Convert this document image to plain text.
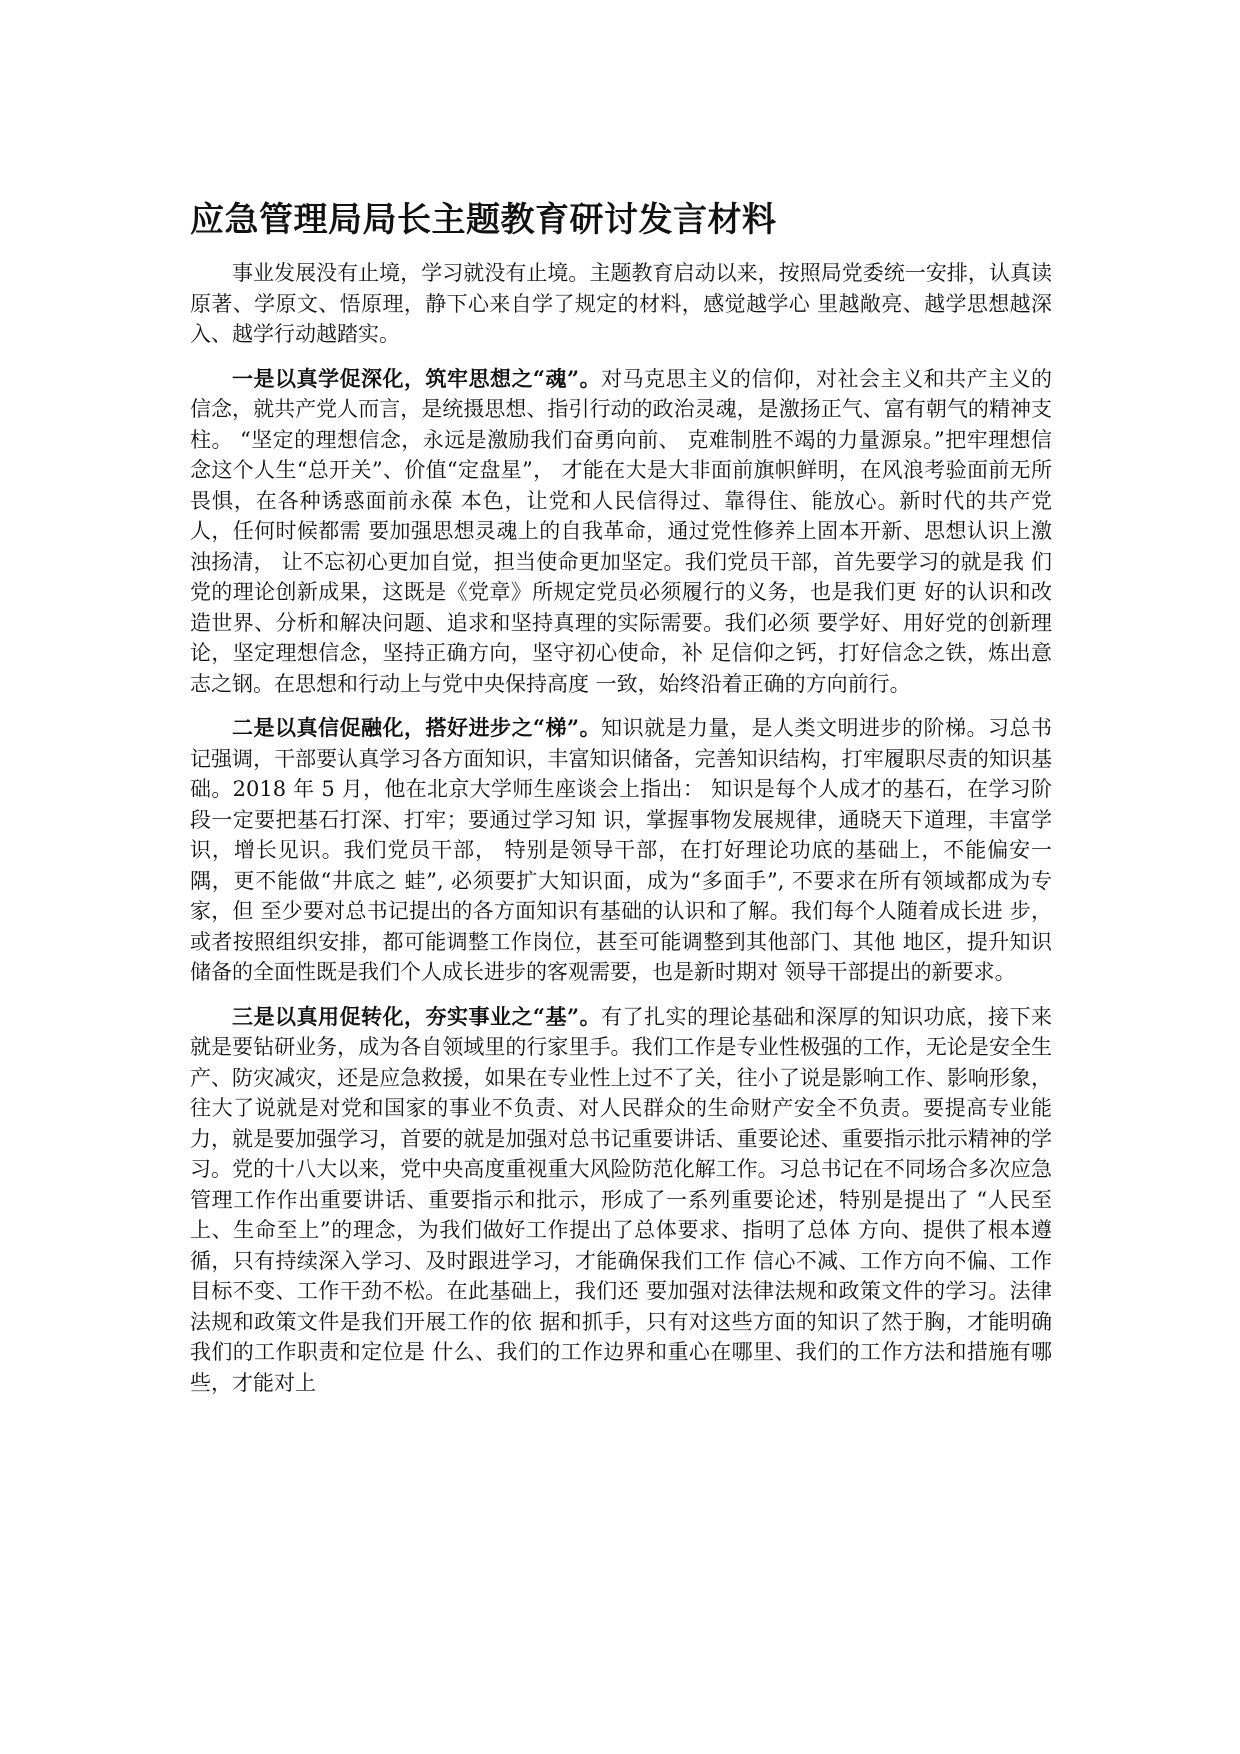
应急管理局局长主题教育研讨发言材料

事业发展没有止境，学习就没有止境。主题教育启动以来，按照局党委统一安排，认真读原著、学原文、悟原理，静下心来自学了规定的材料，感觉越学心 里越敞亮、越学思想越深入、越学行动越踏实。

一是以真学促深化，筑牢思想之“魂”。对马克思主义的信仰，对社会主义和共产主义的信念，就共产党人而言，是统摄思想、指引行动的政治灵魂，是激扬正气、富有朝气的精神支柱。 “坚定的理想信念，永远是激励我们奋勇向前、 克难制胜不竭的力量源泉。”把牢理想信念这个人生“总开关”、价值“定盘星”， 才能在大是大非面前旗帜鲜明，在风浪考验面前无所畏惧，在各种诱惑面前永葆 本色，让党和人民信得过、靠得住、能放心。新时代的共产党人，任何时候都需 要加强思想灵魂上的自我革命，通过党性修养上固本开新、思想认识上激浊扬清， 让不忘初心更加自觉，担当使命更加坚定。我们党员干部，首先要学习的就是我 们党的理论创新成果，这既是《党章》所规定党员必须履行的义务，也是我们更 好的认识和改造世界、分析和解决问题、追求和坚持真理的实际需要。我们必须 要学好、用好党的创新理论，坚定理想信念，坚持正确方向，坚守初心使命，补 足信仰之钙，打好信念之铁，炼出意志之钢。在思想和行动上与党中央保持高度 一致，始终沿着正确的方向前行。

二是以真信促融化，搭好进步之“梯”。知识就是力量，是人类文明进步的阶梯。习总书记强调，干部要认真学习各方面知识，丰富知识储备，完善知识结构，打牢履职尽责的知识基础。2018 年 5 月，他在北京大学师生座谈会上指出： 知识是每个人成才的基石，在学习阶段一定要把基石打深、打牢；要通过学习知 识，掌握事物发展规律，通晓天下道理，丰富学识，增长见识。我们党员干部， 特别是领导干部，在打好理论功底的基础上，不能偏安一隅，更不能做“井底之 蛙”, 必须要扩大知识面，成为“多面手”, 不要求在所有领域都成为专家，但 至少要对总书记提出的各方面知识有基础的认识和了解。我们每个人随着成长进 步，或者按照组织安排，都可能调整工作岗位，甚至可能调整到其他部门、其他 地区，提升知识储备的全面性既是我们个人成长进步的客观需要，也是新时期对 领导干部提出的新要求。

三是以真用促转化，夯实事业之“基”。有了扎实的理论基础和深厚的知识功底，接下来就是要钻研业务，成为各自领域里的行家里手。我们工作是专业性极强的工作，无论是安全生产、防灾减灾，还是应急救援，如果在专业性上过不了关，往小了说是影响工作、影响形象，往大了说就是对党和国家的事业不负责、对人民群众的生命财产安全不负责。要提高专业能力，就是要加强学习，首要的就是加强对总书记重要讲话、重要论述、重要指示批示精神的学习。党的十八大以来，党中央高度重视重大风险防范化解工作。习总书记在不同场合多次应急管理工作作出重要讲话、重要指示和批示，形成了一系列重要论述，特别是提出了 “人民至上、生命至上”的理念，为我们做好工作提出了总体要求、指明了总体 方向、提供了根本遵循，只有持续深入学习、及时跟进学习，才能确保我们工作 信心不减、工作方向不偏、工作目标不变、工作干劲不松。在此基础上，我们还 要加强对法律法规和政策文件的学习。法律法规和政策文件是我们开展工作的依 据和抓手，只有对这些方面的知识了然于胸，才能明确我们的工作职责和定位是 什么、我们的工作边界和重心在哪里、我们的工作方法和措施有哪些，才能对上
